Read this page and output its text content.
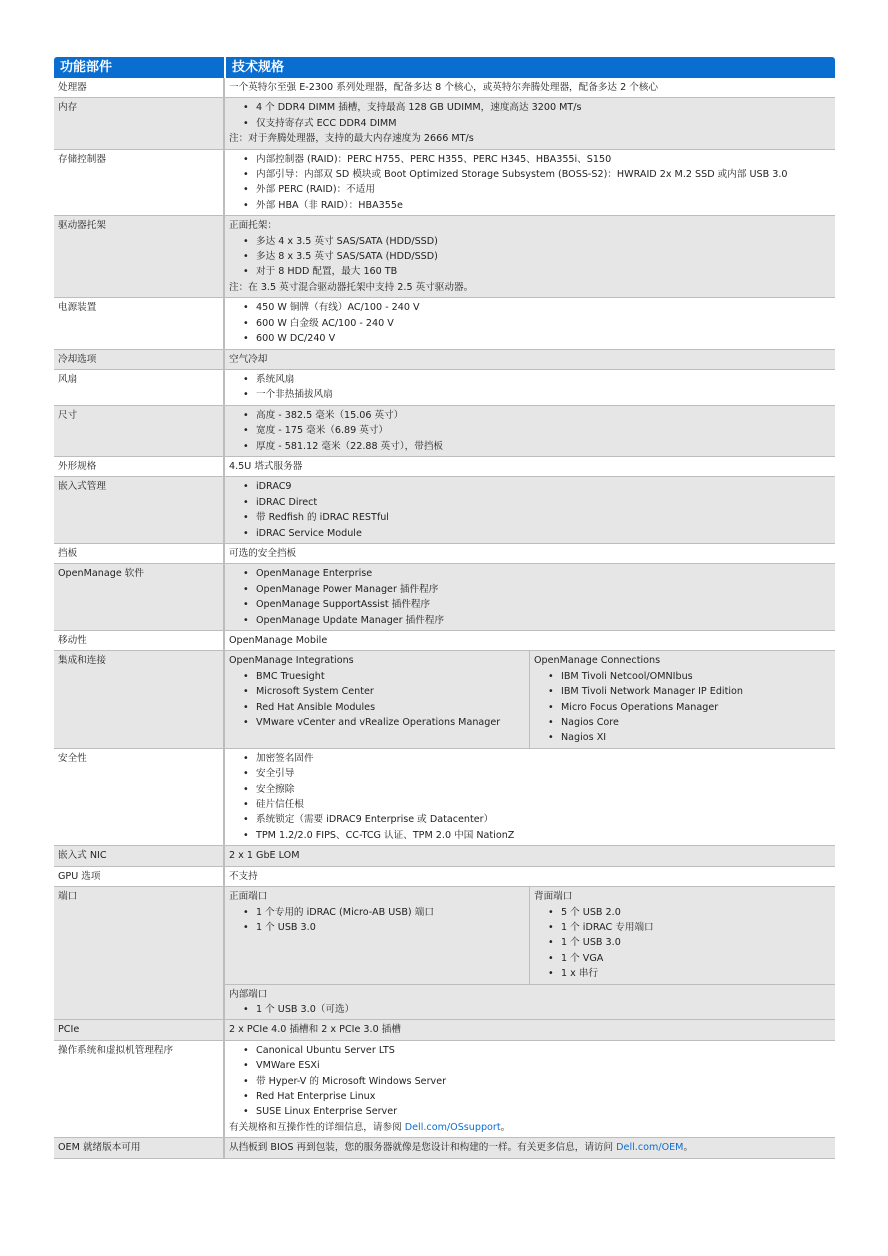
功能部件	技术规格
处理器	一个英特尔至强 E-2300 系列处理器，配备多达 8 个核心，或英特尔奔腾处理器，配备多达 2 个核心
内存	• 4 个 DDR4 DIMM 插槽，支持最高 128 GB UDIMM，速度高达 3200 MT/s
• 仅支持寄存式 ECC DDR4 DIMM
注：对于奔腾处理器，支持的最大内存速度为 2666 MT/s
存储控制器	• 内部控制器 (RAID)：PERC H755、PERC H355、PERC H345、HBA355i、S150
• 内部引导：内部双 SD 模块或 Boot Optimized Storage Subsystem (BOSS-S2)：HWRAID 2x M.2 SSD 或内部 USB 3.0
• 外部 PERC (RAID)：不适用
• 外部 HBA（非 RAID）：HBA355e
驱动器托架	正面托架：
• 多达 4 x 3.5 英寸 SAS/SATA (HDD/SSD)
• 多达 8 x 3.5 英寸 SAS/SATA (HDD/SSD)
• 对于 8 HDD 配置，最大 160 TB
注：在 3.5 英寸混合驱动器托架中支持 2.5 英寸驱动器。
电源装置	• 450 W 铜牌（有线）AC/100 - 240 V
• 600 W 白金级 AC/100 - 240 V
• 600 W DC/240 V
冷却选项	空气冷却
风扇	• 系统风扇
• 一个非热插拔风扇
尺寸	• 高度 - 382.5 毫米（15.06 英寸）
• 宽度 - 175 毫米（6.89 英寸）
• 厚度 - 581.12 毫米（22.88 英寸），带挡板
外形规格	4.5U 塔式服务器
嵌入式管理	• iDRAC9
• iDRAC Direct
• 带 Redfish 的 iDRAC RESTful
• iDRAC Service Module
挡板	可选的安全挡板
OpenManage 软件	• OpenManage Enterprise
• OpenManage Power Manager 插件程序
• OpenManage SupportAssist 插件程序
• OpenManage Update Manager 插件程序
移动性	OpenManage Mobile
集成和连接	OpenManage Integrations
• BMC Truesight
• Microsoft System Center
• Red Hat Ansible Modules
• VMware vCenter and vRealize Operations Manager
OpenManage Connections
• IBM Tivoli Netcool/OMNIbus
• IBM Tivoli Network Manager IP Edition
• Micro Focus Operations Manager
• Nagios Core
• Nagios XI
安全性	• 加密签名固件
• 安全引导
• 安全擦除
• 硅片信任根
• 系统锁定（需要 iDRAC9 Enterprise 或 Datacenter）
• TPM 1.2/2.0 FIPS、CC-TCG 认证、TPM 2.0 中国 NationZ
嵌入式 NIC	2 x 1 GbE LOM
GPU 选项	不支持
端口	正面端口
• 1 个专用的 iDRAC (Micro-AB USB) 端口
• 1 个 USB 3.0
背面端口
• 5 个 USB 2.0
• 1 个 iDRAC 专用端口
• 1 个 USB 3.0
• 1 个 VGA
• 1 x 串行
内部端口
• 1 个 USB 3.0（可选）
PCIe	2 x PCIe 4.0 插槽和 2 x PCIe 3.0 插槽
操作系统和虚拟机管理程序	• Canonical Ubuntu Server LTS
• VMWare ESXi
• 带 Hyper-V 的 Microsoft Windows Server
• Red Hat Enterprise Linux
• SUSE Linux Enterprise Server
有关规格和互操作性的详细信息，请参阅 Dell.com/OSsupport。
OEM 就绪版本可用	从挡板到 BIOS 再到包装，您的服务器就像是您设计和构建的一样。有关更多信息，请访问 Dell.com/OEM。
